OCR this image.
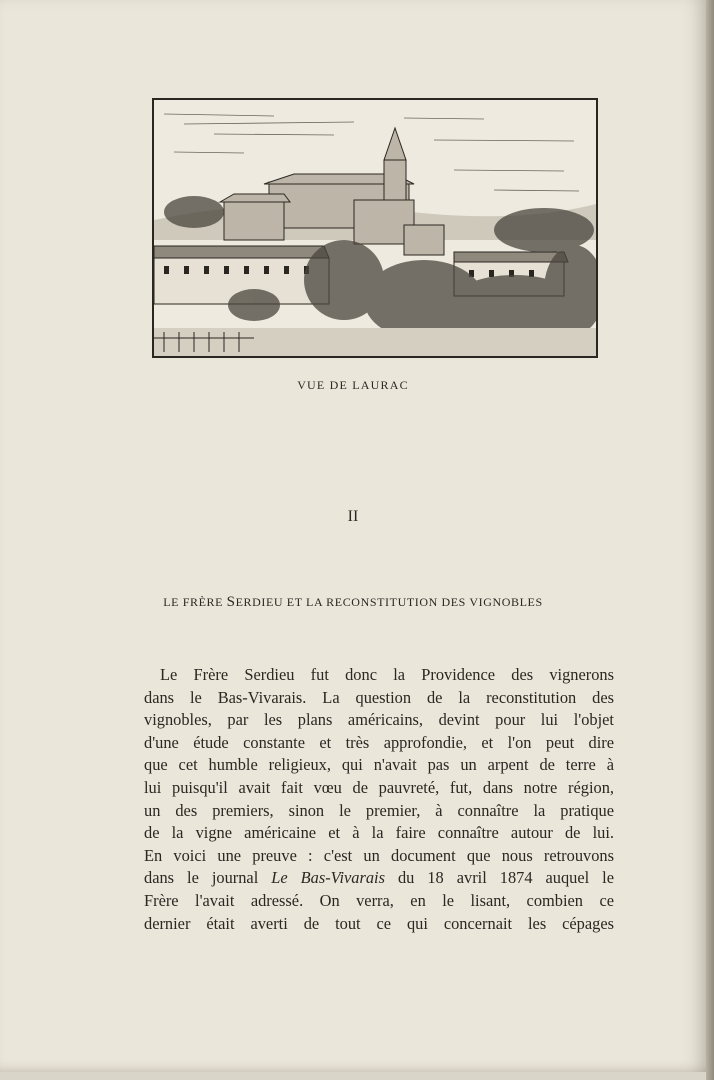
VUE DE LAURAC
II
LE FRÈRE SERDIEU ET LA RECONSTITUTION DES VIGNOBLES
Le Frère Serdieu fut donc la Providence des vignerons
dans le Bas-Vivarais. La question de la reconstitution des
vignobles, par les plans américains, devint pour lui l'objet
d'une étude constante et très approfondie, et l'on peut dire
que cet humble religieux, qui n'avait pas un arpent de terre à
lui puisqu'il avait fait vœu de pauvreté, fut, dans notre région,
un des premiers, sinon le premier, à connaître la pratique
de la vigne américaine et à la faire connaître autour de lui.
En voici une preuve : c'est un document que nous retrouvons
dans le journal Le Bas-Vivarais du 18 avril 1874 auquel le
Frère l'avait adressé. On verra, en le lisant, combien ce
dernier était averti de tout ce qui concernait les cépages
